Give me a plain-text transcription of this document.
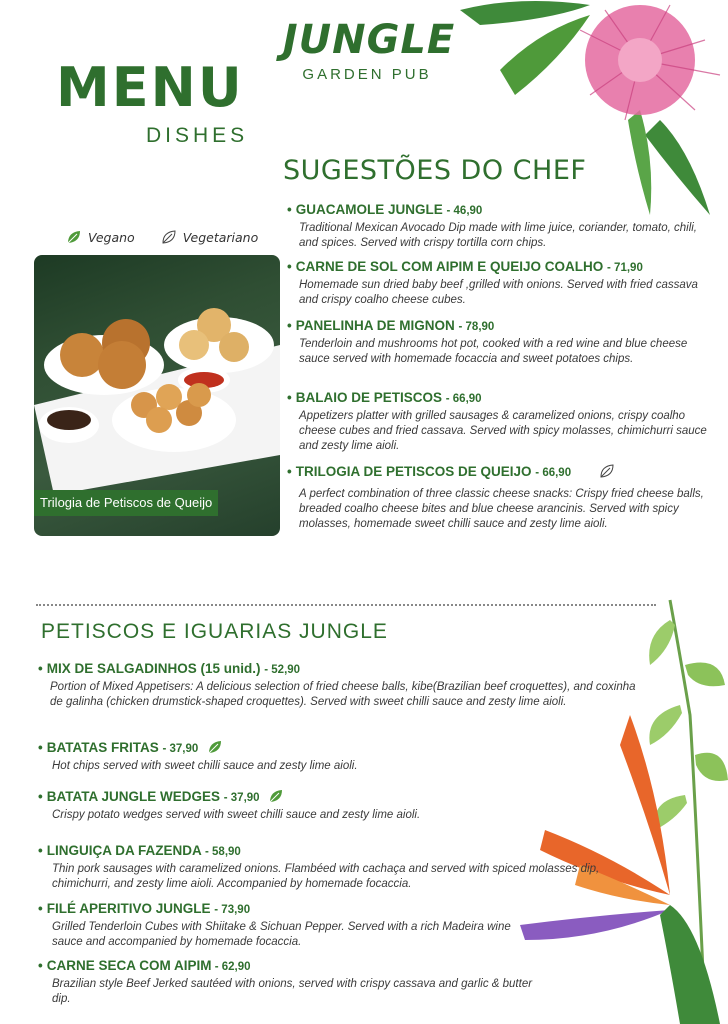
JUNGLE
GARDEN PUB
MENU
DISHES
SUGESTÕES DO CHEF
Vegano	Vegetariano
Trilogia de Petiscos de Queijo
• GUACAMOLE JUNGLE - 46,90
Traditional Mexican Avocado Dip made with lime juice, coriander, tomato, chili, and spices. Served with crispy tortilla corn chips.
• CARNE DE SOL COM AIPIM E QUEIJO COALHO - 71,90
Homemade sun dried baby beef ,grilled with onions. Served with fried cassava and crispy coalho cheese cubes.
• PANELINHA DE MIGNON - 78,90
Tenderloin and mushrooms hot pot, cooked with a red wine and blue cheese sauce served with homemade focaccia and sweet potatoes chips.
• BALAIO DE PETISCOS - 66,90
Appetizers platter with grilled sausages & caramelized onions, crispy coalho cheese cubes and fried cassava. Served with spicy molasses, chimichurri sauce and zesty lime aioli.
• TRILOGIA DE PETISCOS DE QUEIJO - 66,90
A perfect combination of three classic cheese snacks: Crispy fried cheese balls, breaded coalho cheese bites and blue cheese arancinis. Served with spicy molasses, homemade sweet chilli sauce and zesty lime aioli.
PETISCOS E IGUARIAS JUNGLE
• MIX DE SALGADINHOS (15 unid.) - 52,90
Portion of Mixed Appetisers: A delicious selection of fried cheese balls, kibe(Brazilian beef croquettes), and coxinha de galinha (chicken drumstick-shaped croquettes). Served with sweet chilli sauce and zesty lime aioli.
• BATATAS FRITAS - 37,90
Hot chips served with sweet chilli sauce and zesty lime aioli.
• BATATA JUNGLE WEDGES - 37,90
Crispy potato wedges served with sweet chilli sauce and zesty lime aioli.
• LINGUIÇA DA FAZENDA - 58,90
Thin pork sausages with caramelized onions. Flambéed with cachaça and served with spiced molasses dip, chimichurri, and zesty lime aioli. Accompanied by homemade focaccia.
• FILÉ APERITIVO JUNGLE - 73,90
Grilled Tenderloin Cubes with Shiitake & Sichuan Pepper. Served with a rich Madeira wine sauce and accompanied by homemade focaccia.
• CARNE SECA COM AIPIM - 62,90
Brazilian style Beef Jerked sautéed with onions, served with crispy cassava and garlic & butter dip.
